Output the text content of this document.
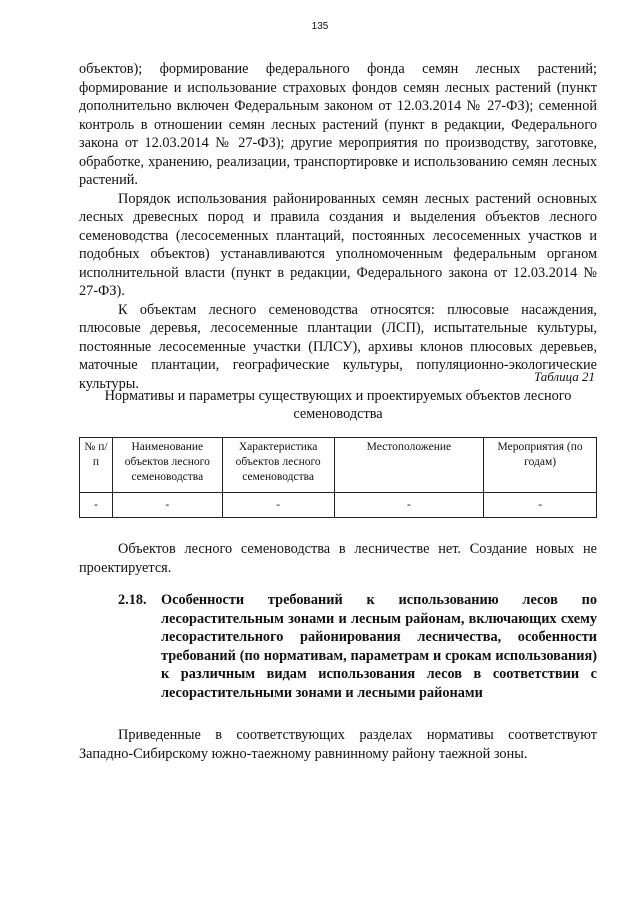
135

объектов); формирование федерального фонда семян лесных растений; формирование и использование страховых фондов семян лесных растений (пункт дополнительно включен Федеральным законом от 12.03.2014 № 27-ФЗ); семенной контроль в отношении семян лесных растений (пункт в редакции, Федерального закона от 12.03.2014 № 27-ФЗ); другие мероприятия по производству, заготовке, обработке, хранению, реализации, транспортировке и использованию семян лесных растений.

Порядок использования районированных семян лесных растений основных лесных древесных пород и правила создания и выделения объектов лесного семеноводства (лесосеменных плантаций, постоянных лесосеменных участков и подобных объектов) устанавливаются уполномоченным федеральным органом исполнительной власти (пункт в редакции, Федерального закона от 12.03.2014 № 27-ФЗ).

К объектам лесного семеноводства относятся: плюсовые насаждения, плюсовые деревья, лесосеменные плантации (ЛСП), испытательные культуры, постоянные лесосеменные участки (ПЛСУ), архивы клонов плюсовых деревьев, маточные плантации, географические культуры, популяционно-экологические культуры.	Таблица 21
Нормативы и параметры существующих и проектируемых объектов лесного семеноводства
№ п/п	Наименование объектов лесного семеноводства	Характеристика объектов лесного семеноводства	Местоположение	Мероприятия (по годам)
-	-	-	-	-

Объектов лесного семеноводства в лесничестве нет. Создание новых не проектируется.

2.18. Особенности требований к использованию лесов по лесорастительным зонами и лесным районам, включающих схему лесорастительного районирования лесничества, особенности требований (по нормативам, параметрам и срокам использования) к различным видам использования лесов в соответствии с лесорастительными зонами и лесными районами

Приведенные в соответствующих разделах нормативы соответствуют Западно-Сибирскому южно-таежному равнинному району таежной зоны.
